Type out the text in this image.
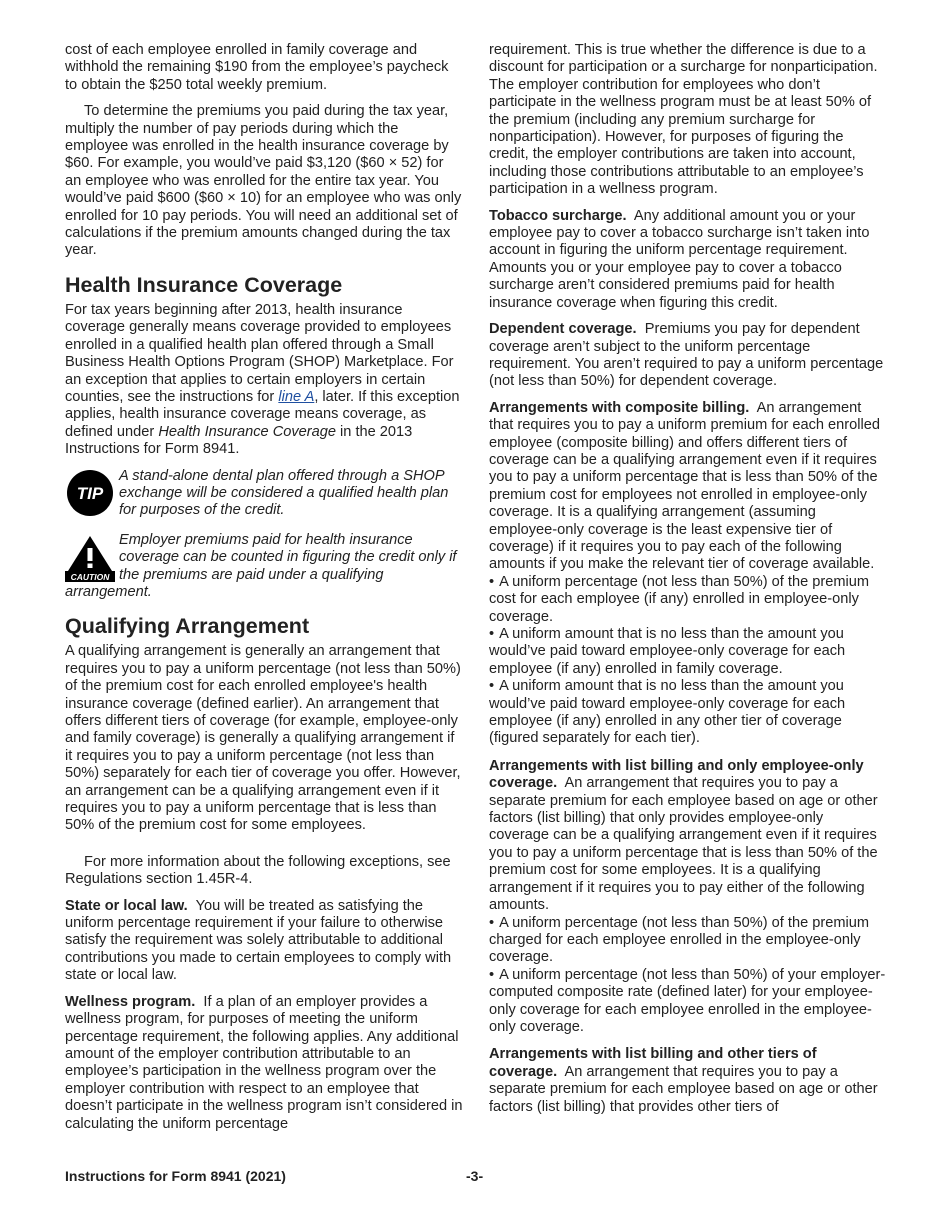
cost of each employee enrolled in family coverage and withhold the remaining $190 from the employee’s paycheck to obtain the $250 total weekly premium.

To determine the premiums you paid during the tax year, multiply the number of pay periods during which the employee was enrolled in the health insurance coverage by $60. For example, you would’ve paid $3,120 ($60 × 52) for an employee who was enrolled for the entire tax year. You would’ve paid $600 ($60 × 10) for an employee who was only enrolled for 10 pay periods. You will need an additional set of calculations if the premium amounts changed during the tax year.

Health Insurance Coverage

For tax years beginning after 2013, health insurance coverage generally means coverage provided to employees enrolled in a qualified health plan offered through a Small Business Health Options Program (SHOP) Marketplace. For an exception that applies to certain employers in certain counties, see the instructions for line A, later. If this exception applies, health insurance coverage means coverage, as defined under Health Insurance Coverage in the 2013 Instructions for Form 8941.

TIP
A stand-alone dental plan offered through a SHOP exchange will be considered a qualified health plan for purposes of the credit.
CAUTION
Employer premiums paid for health insurance coverage can be counted in figuring the credit only if the premiums are paid under a qualifying arrangement.
Qualifying Arrangement

A qualifying arrangement is generally an arrangement that requires you to pay a uniform percentage (not less than 50%) of the premium cost for each enrolled employee's health insurance coverage (defined earlier). An arrangement that offers different tiers of coverage (for example, employee-only and family coverage) is generally a qualifying arrangement if it requires you to pay a uniform percentage (not less than 50%) separately for each tier of coverage you offer. However, an arrangement can be a qualifying arrangement even if it requires you to pay a uniform percentage that is less than 50% of the premium cost for some employees.

For more information about the following exceptions, see Regulations section 1.45R-4.

State or local law. You will be treated as satisfying the uniform percentage requirement if your failure to otherwise satisfy the requirement was solely attributable to additional contributions you made to certain employees to comply with state or local law.

Wellness program. If a plan of an employer provides a wellness program, for purposes of meeting the uniform percentage requirement, the following applies. Any additional amount of the employer contribution attributable to an employee’s participation in the wellness program over the employer contribution with respect to an employee that doesn’t participate in the wellness program isn’t considered in calculating the uniform percentage

requirement. This is true whether the difference is due to a discount for participation or a surcharge for nonparticipation. The employer contribution for employees who don’t participate in the wellness program must be at least 50% of the premium (including any premium surcharge for nonparticipation). However, for purposes of figuring the credit, the employer contributions are taken into account, including those contributions attributable to an employee’s participation in a wellness program.

Tobacco surcharge. Any additional amount you or your employee pay to cover a tobacco surcharge isn’t taken into account in figuring the uniform percentage requirement. Amounts you or your employee pay to cover a tobacco surcharge aren’t considered premiums paid for health insurance coverage when figuring this credit.

Dependent coverage. Premiums you pay for dependent coverage aren’t subject to the uniform percentage requirement. You aren’t required to pay a uniform percentage (not less than 50%) for dependent coverage.

Arrangements with composite billing. An arrangement that requires you to pay a uniform premium for each enrolled employee (composite billing) and offers different tiers of coverage can be a qualifying arrangement even if it requires you to pay a uniform percentage that is less than 50% of the premium cost for employees not enrolled in employee-only coverage. It is a qualifying arrangement (assuming employee-only coverage is the least expensive tier of coverage) if it requires you to pay each of the following amounts if you make the relevant tier of coverage available.

• A uniform percentage (not less than 50%) of the premium cost for each employee (if any) enrolled in employee-only coverage.

• A uniform amount that is no less than the amount you would’ve paid toward employee-only coverage for each employee (if any) enrolled in family coverage.

• A uniform amount that is no less than the amount you would’ve paid toward employee-only coverage for each employee (if any) enrolled in any other tier of coverage (figured separately for each tier).

Arrangements with list billing and only employee-only coverage. An arrangement that requires you to pay a separate premium for each employee based on age or other factors (list billing) that only provides employee-only coverage can be a qualifying arrangement even if it requires you to pay a uniform percentage that is less than 50% of the premium cost for some employees. It is a qualifying arrangement if it requires you to pay either of the following amounts.

• A uniform percentage (not less than 50%) of the premium charged for each employee enrolled in the employee-only coverage.

• A uniform percentage (not less than 50%) of your employer-computed composite rate (defined later) for your employee-only coverage for each employee enrolled in the employee-only coverage.

Arrangements with list billing and other tiers of coverage. An arrangement that requires you to pay a separate premium for each employee based on age or other factors (list billing) that provides other tiers of

Instructions for Form 8941 (2021)	-3-
